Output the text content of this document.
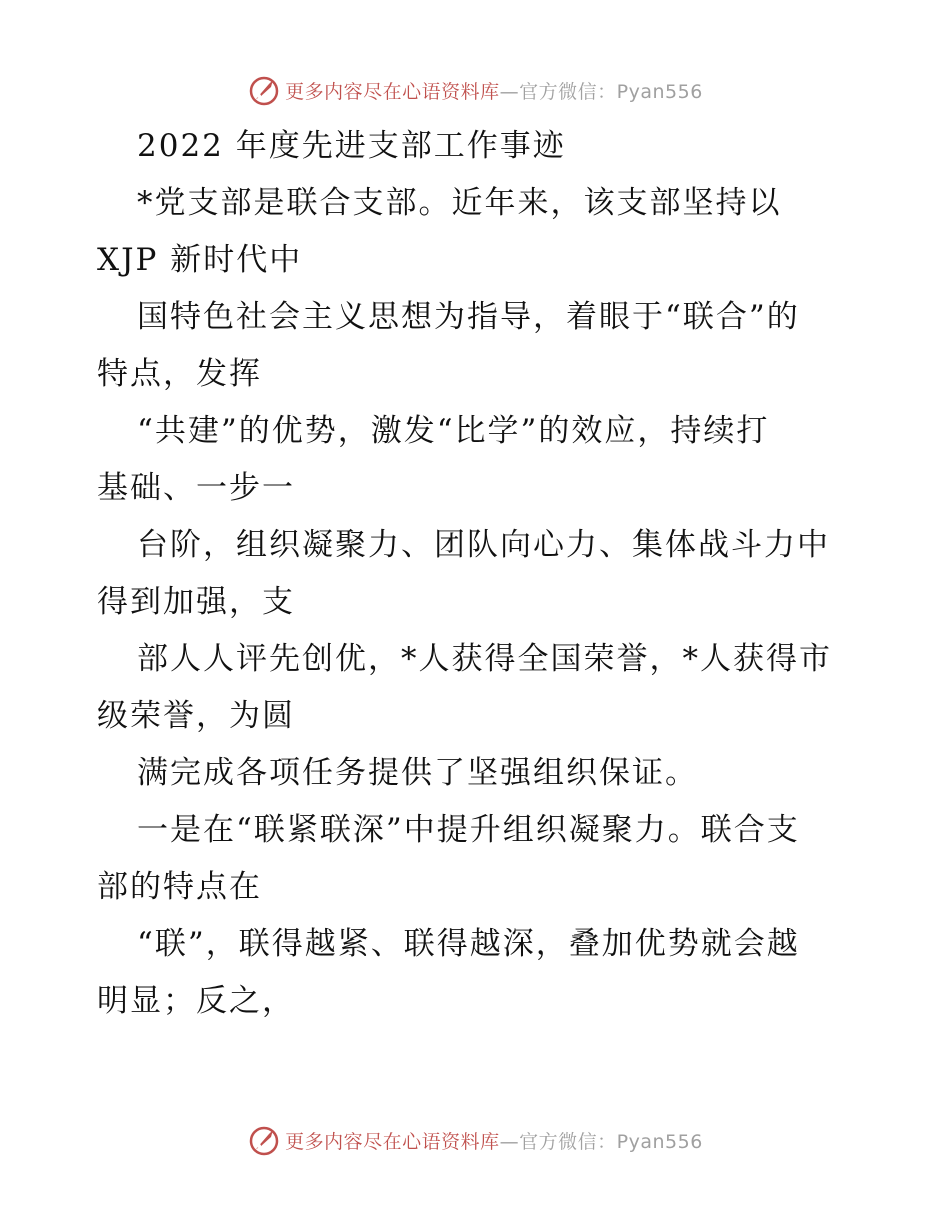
更多内容尽在心语资料库—官方微信：Pyan556
2022 年度先进支部工作事迹
*党支部是联合支部。近年来，该支部坚持以
XJP 新时代中
国特色社会主义思想为指导，着眼于“联合”的
特点，发挥
“共建”的优势，激发“比学”的效应，持续打
基础、一步一
台阶，组织凝聚力、团队向心力、集体战斗力中
得到加强，支
部人人评先创优，*人获得全国荣誉，*人获得市
级荣誉，为圆
满完成各项任务提供了坚强组织保证。
一是在“联紧联深”中提升组织凝聚力。联合支
部的特点在
“联”，联得越紧、联得越深，叠加优势就会越
明显；反之，
更多内容尽在心语资料库—官方微信：Pyan556
